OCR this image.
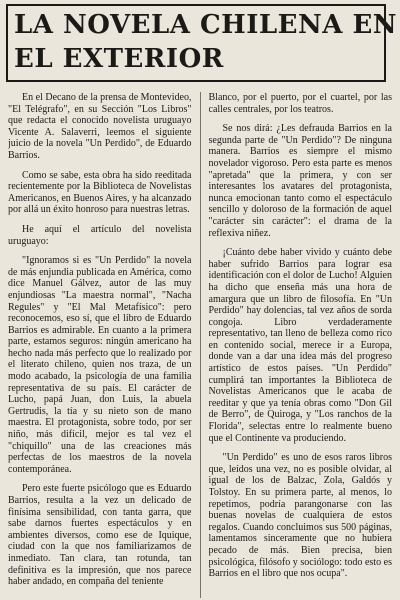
LA NOVELA CHILENA EN
EL EXTERIOR

En el Decano de la prensa de Montevideo, "El Telégrafo", en su Sección "Los Libros" que redacta el conocido novelista uruguayo Vicente A. Salaverri, leemos el siguiente juicio de la novela "Un Perdido", de Eduardo Barrios.

Como se sabe, esta obra ha sido reeditada recientemente por la Biblioteca de Novelistas Americanos, en Buenos Aires, y ha alcanzado por allá un éxito honroso para nuestras letras.

He aquí el artículo del novelista uruguayo:

"Ignoramos si es "Un Perdido" la novela de más enjundia publicada en América, como dice Manuel Gálvez, autor de las muy enjundiosas "La maestra normal", "Nacha Regules" y "El Mal Metafísico": pero reconocemos, eso sí, que el libro de Eduardo Barrios es admirable. En cuanto a la primera parte, estamos seguros: ningún americano ha hecho nada más perfecto que lo realizado por el literato chileno, quien nos traza, de un modo acabado, la psicología de una familia representativa de su país. El carácter de Lucho, papá Juan, don Luis, la abuela Gertrudis, la tía y su nieto son de mano maestra. El protagonista, sobre todo, por ser niño, más difícil, mejor es tal vez el "chiquillo" una de las creaciones más perfectas de los maestros de la novela contemporánea.

Pero este fuerte psicólogo que es Eduardo Barrios, resulta a la vez un delicado de finísima sensibilidad, con tanta garra, que sabe darnos fuertes espectáculos y en ambientes diversos, como ese de Iquique, ciudad con la que nos familiarizamos de inmediato. Tan clara, tan rotunda, tan definitiva es la impresión, que nos parece haber andado, en compaña del teniente

Blanco, por el puerto, por el cuartel, por las calles centrales, por los teatros.

Se nos dirá: ¿Les defrauda Barrios en la segunda parte de "Un Perdido"? De ninguna manera. Barrios es siempre el mismo novelador vigoroso. Pero esta parte es menos "apretada" que la primera, y con ser interesantes los avatares del protagonista, nunca emocionan tanto como el espectáculo sencillo y doloroso de la formación de aquel "carácter sin carácter": el drama de la reflexiva niñez.

¡Cuánto debe haber vivido y cuánto debe haber sufrido Barrios para lograr esa identificación con el dolor de Lucho! Alguien ha dicho que enseña más una hora de amargura que un libro de filosofía. En "Un Perdido" hay dolencias, tal vez años de sorda congoja. Libro verdaderamente representativo, tan lleno de belleza como rico en contenido social, merece ir a Europa, donde van a dar una idea más del progreso artístico de estos países. "Un Perdido" cumplirá tan importantes la Biblioteca de Novelistas Americanos que le acaba de reeditar y que ya tenía obras como "Don Gil de Berro", de Quiroga, y "Los ranchos de la Florida", selectas entre lo realmente bueno que el Continente va produciendo.

"Un Perdido" es uno de esos raros libros que, leídos una vez, no es posible olvidar, al igual de los de Balzac, Zola, Galdós y Tolstoy. En su primera parte, al menos, lo repetimos, podría parangonarse con las buenas novelas de cualquiera de estos regalos. Cuando concluimos sus 500 páginas, lamentamos sinceramente que no hubiera pecado de más. Bien precisa, bien psicológica, filósofo y sociólogo: todo esto es Barrios en el libro que nos ocupa".
